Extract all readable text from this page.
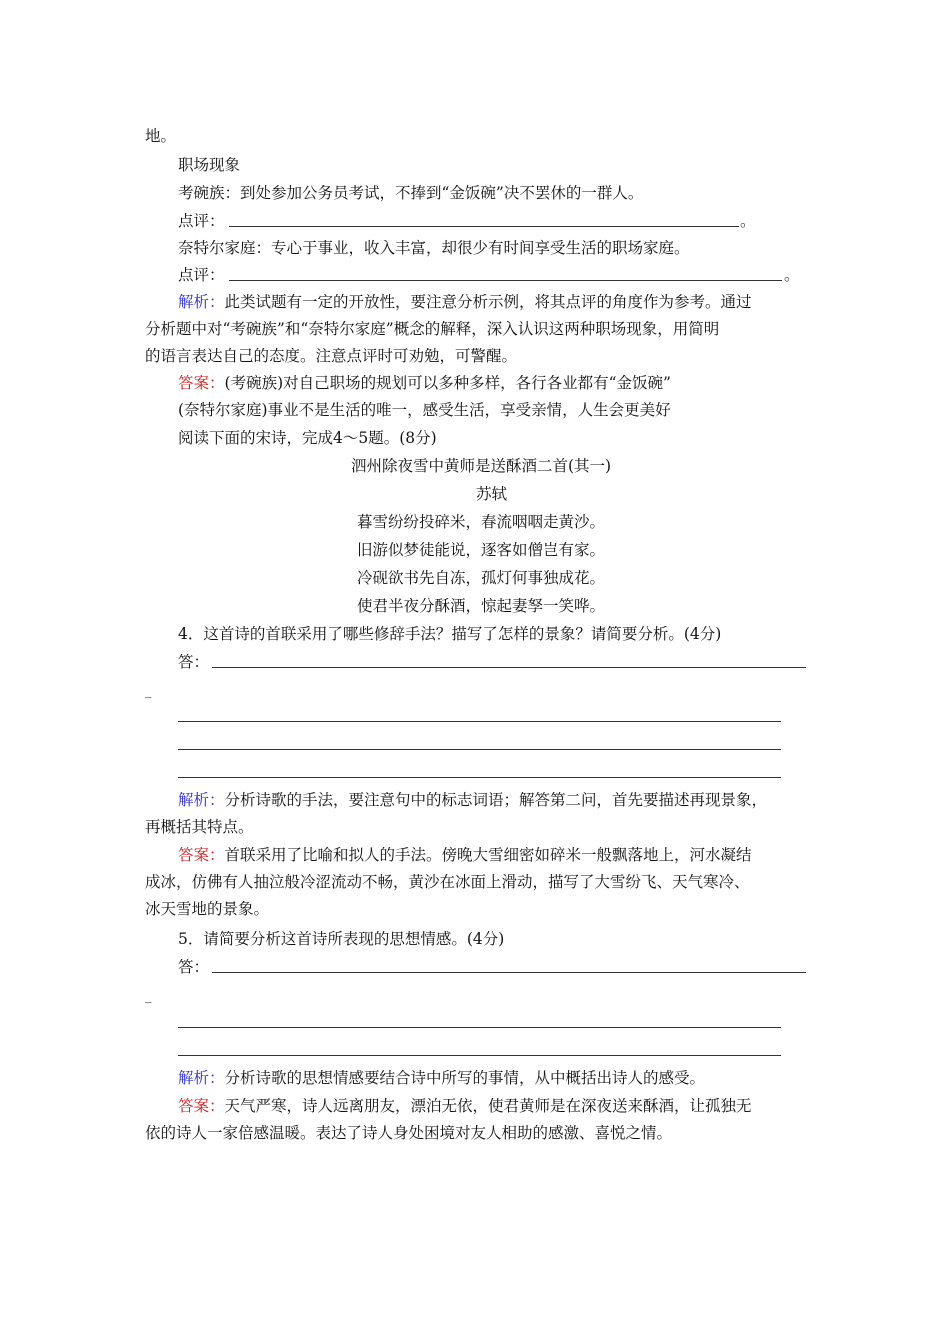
地。
职场现象
考碗族：到处参加公务员考试，不捧到“金饭碗”决不罢休的一群人。
点评：	。
奈特尔家庭：专心于事业，收入丰富，却很少有时间享受生活的职场家庭。
点评：	。
解析：此类试题有一定的开放性，要注意分析示例，将其点评的角度作为参考。通过
分析题中对“考碗族”和“奈特尔家庭”概念的解释，深入认识这两种职场现象，用简明
的语言表达自己的态度。注意点评时可劝勉，可警醒。
答案：(考碗族)对自己职场的规划可以多种多样，各行各业都有“金饭碗”
(奈特尔家庭)事业不是生活的唯一，感受生活，享受亲情，人生会更美好
阅读下面的宋诗，完成4～5题。(8分)
泗州除夜雪中黄师是送酥酒二首(其一)
苏轼
暮雪纷纷投碎米，春流咽咽走黄沙。
旧游似梦徒能说，逐客如僧岂有家。
冷砚欲书先自冻，孤灯何事独成花。
使君半夜分酥酒，惊起妻孥一笑哗。
4．这首诗的首联采用了哪些修辞手法？描写了怎样的景象？请简要分析。(4分)
答：
_
解析：分析诗歌的手法，要注意句中的标志词语；解答第二问，首先要描述再现景象，
再概括其特点。
答案：首联采用了比喻和拟人的手法。傍晚大雪细密如碎米一般飘落地上，河水凝结
成冰，仿佛有人抽泣般冷涩流动不畅，黄沙在冰面上滑动，描写了大雪纷飞、天气寒冷、
冰天雪地的景象。
5．请简要分析这首诗所表现的思想情感。(4分)
答：
_
解析：分析诗歌的思想情感要结合诗中所写的事情，从中概括出诗人的感受。
答案：天气严寒，诗人远离朋友，漂泊无依，使君黄师是在深夜送来酥酒，让孤独无
依的诗人一家倍感温暖。表达了诗人身处困境对友人相助的感激、喜悦之情。
